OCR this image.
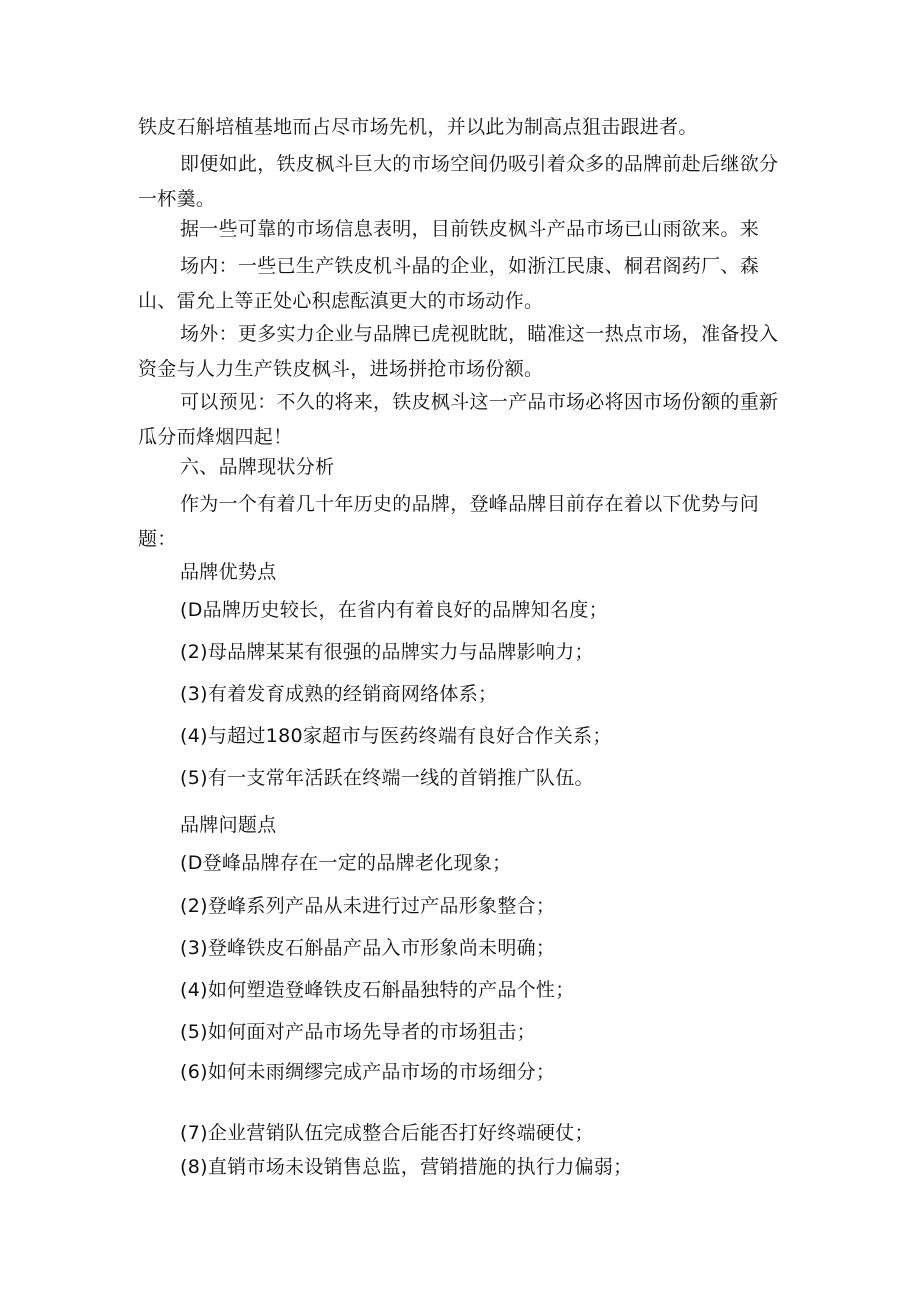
铁皮石斛培植基地而占尽市场先机，并以此为制高点狙击跟进者。

即便如此，铁皮枫斗巨大的市场空间仍吸引着众多的品牌前赴后继欲分一杯羹。

据一些可靠的市场信息表明，目前铁皮枫斗产品市场已山雨欲来。来

场内：一些已生产铁皮机斗晶的企业，如浙江民康、桐君阁药厂、森山、雷允上等正处心积虑酝滇更大的市场动作。

场外：更多实力企业与品牌已虎视眈眈，瞄准这一热点市场，准备投入资金与人力生产铁皮枫斗，进场拼抢市场份额。

可以预见：不久的将来，铁皮枫斗这一产品市场必将因市场份额的重新瓜分而烽烟四起！

六、品牌现状分析

作为一个有着几十年历史的品牌，登峰品牌目前存在着以下优势与问题：

品牌优势点

(D品牌历史较长，在省内有着良好的品牌知名度；

(2)母品牌某某有很强的品牌实力与品牌影响力；

(3)有着发育成熟的经销商网络体系；

(4)与超过180家超市与医药终端有良好合作关系；

(5)有一支常年活跃在终端一线的首销推广队伍。

品牌问题点

(D登峰品牌存在一定的品牌老化现象；

(2)登峰系列产品从未进行过产品形象整合；

(3)登峰铁皮石斛晶产品入市形象尚未明确；

(4)如何塑造登峰铁皮石斛晶独特的产品个性；

(5)如何面对产品市场先导者的市场狙击；

(6)如何未雨绸缪完成产品市场的市场细分；

(7)企业营销队伍完成整合后能否打好终端硬仗；

(8)直销市场未设销售总监，营销措施的执行力偏弱；
